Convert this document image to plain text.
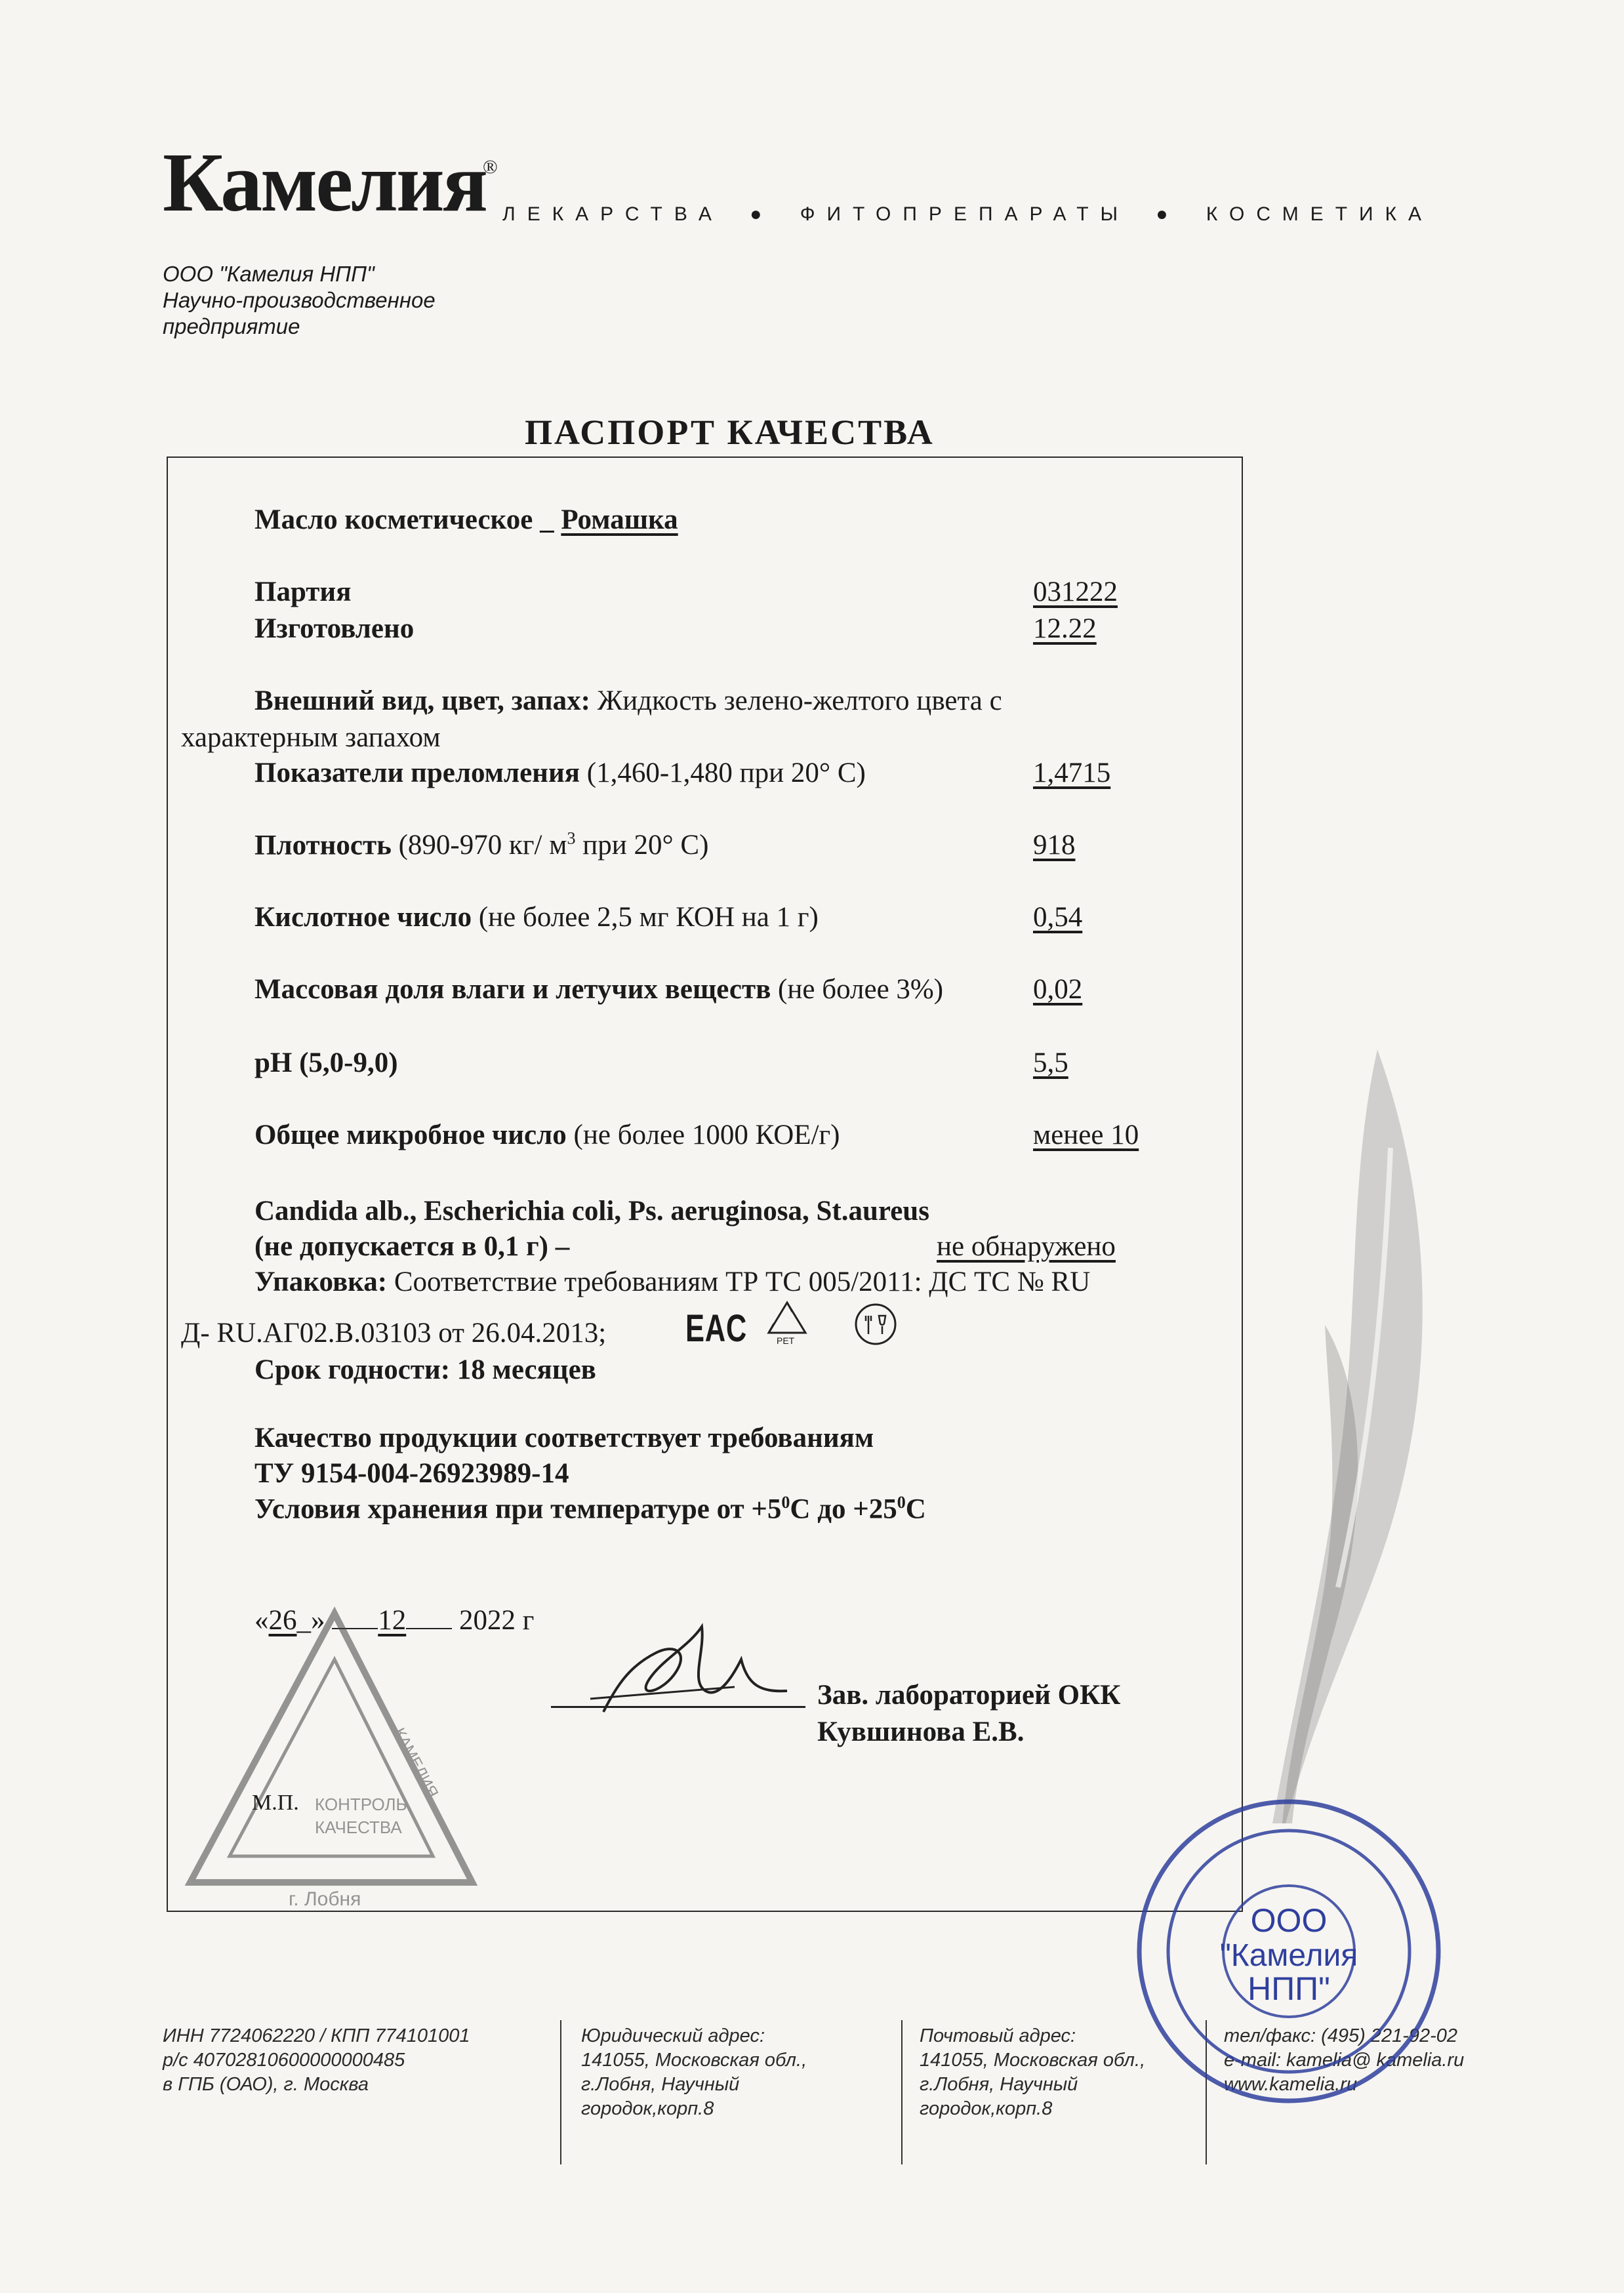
Камелия
®
ЛЕКАРСТВА ● ФИТОПРЕПАРАТЫ ● КОСМЕТИКА
ООО "Камелия НПП"
Научно-производственное
предприятие
ПАСПОРТ КАЧЕСТВА
Масло косметическое _ Ромашка
Партия	031222
Изготовлено	12.22
Внешний вид, цвет, запах: Жидкость зелено-желтого цвета с
характерным запахом
Показатели преломления (1,460-1,480 при 20° С)	1,4715
Плотность (890-970 кг/ $м^3$ при 20° С)	918
Кислотное число (не более 2,5 мг КОН на 1 г)	0,54
Массовая доля влаги и летучих веществ (не более 3%)	0,02
pH (5,0-9,0)	5,5
Общее микробное число (не более 1000 КОЕ/г)	менее 10
Candida alb., Escherichia coli, Ps. aeruginosa, St.aureus
(не допускается в 0,1 г) –	не обнаружено
Упаковка: Соответствие требованиям ТР ТС 005/2011: ДС ТС № RU
Д- RU.АГ02.В.03103 от 26.04.2013; EAC	PET
Срок годности: 18 месяцев
Качество продукции соответствует требованиям
ТУ 9154-004-26923989-14
Условия хранения при температуре от $+5^0С$ до $+25^0С$
«26_» 12 2022 г
Зав. лабораторией ОКК
Кувшинова Е.В.
КАМЕЛИЯ
КОНТРОЛЬ
КАЧЕСТВА
г. Лобня
М.П.
ИНН 7724062220 / КПП 774101001
р/с 40702810600000000485
в ГПБ (ОАО), г. Москва
Юридический адрес:
141055, Московская обл.,
г.Лобня, Научный
городок,корп.8
Почтовый адрес:
141055, Московская обл.,
г.Лобня, Научный
городок,корп.8
тел/факс: (495) 221-92-02
e-mail: kamelia@ kamelia.ru
www.kamelia.ru
ООО
"Камелия
НПП"
